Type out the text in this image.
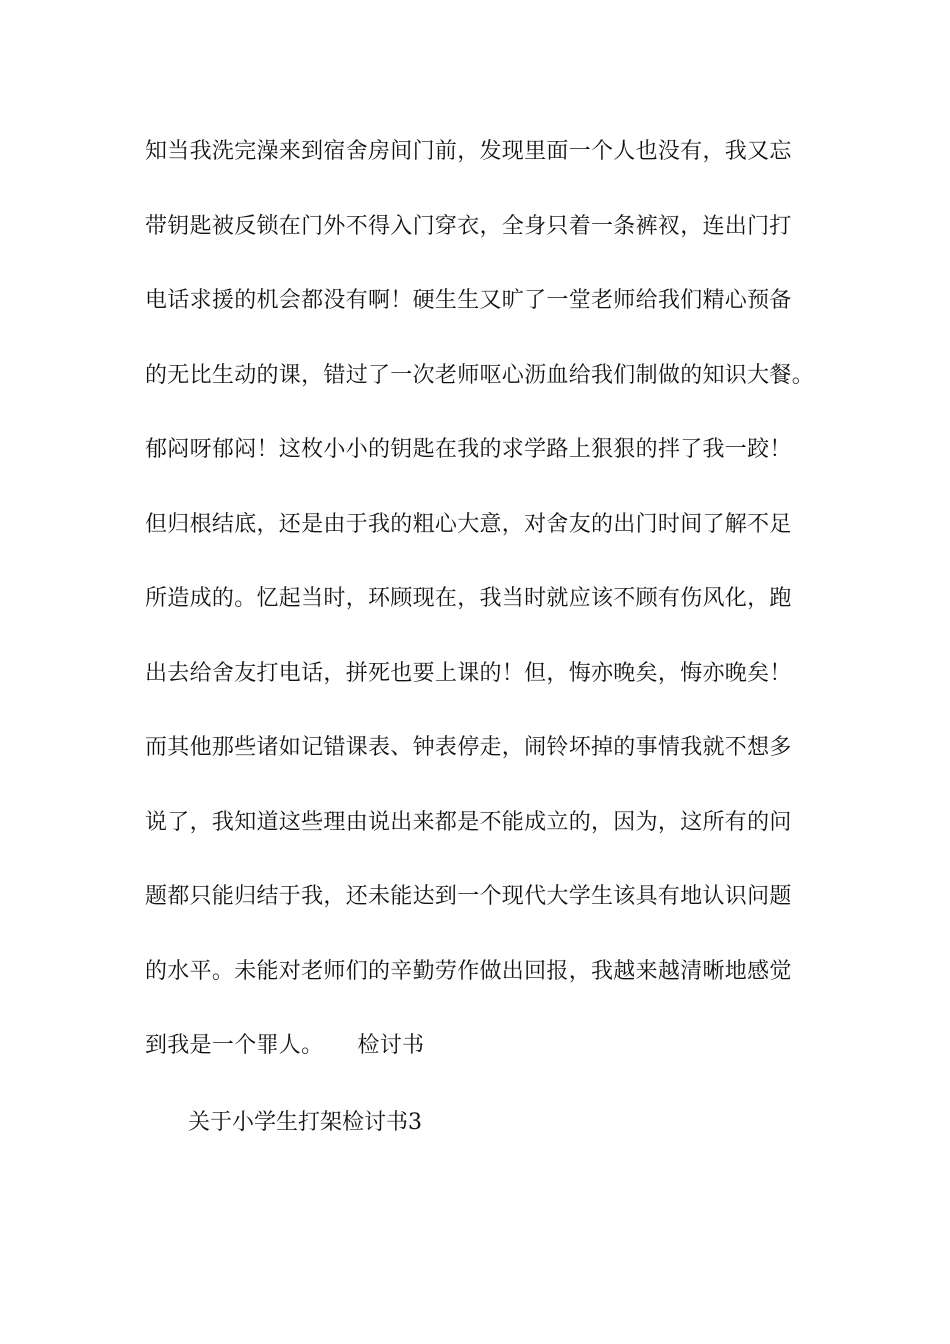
知当我洗完澡来到宿舍房间门前，发现里面一个人也没有，我又忘
带钥匙被反锁在门外不得入门穿衣，全身只着一条裤衩，连出门打
电话求援的机会都没有啊！硬生生又旷了一堂老师给我们精心预备
的无比生动的课，错过了一次老师呕心沥血给我们制做的知识大餐。
郁闷呀郁闷！这枚小小的钥匙在我的求学路上狠狠的拌了我一跤！
但归根结底，还是由于我的粗心大意，对舍友的出门时间了解不足
所造成的。忆起当时，环顾现在，我当时就应该不顾有伤风化，跑
出去给舍友打电话，拼死也要上课的！但，悔亦晚矣，悔亦晚矣！
而其他那些诸如记错课表、钟表停走，闹铃坏掉的事情我就不想多
说了，我知道这些理由说出来都是不能成立的，因为，这所有的问
题都只能归结于我，还未能达到一个现代大学生该具有地认识问题
的水平。未能对老师们的辛勤劳作做出回报，我越来越清晰地感觉
到我是一个罪人。 检讨书
关于小学生打架检讨书3
